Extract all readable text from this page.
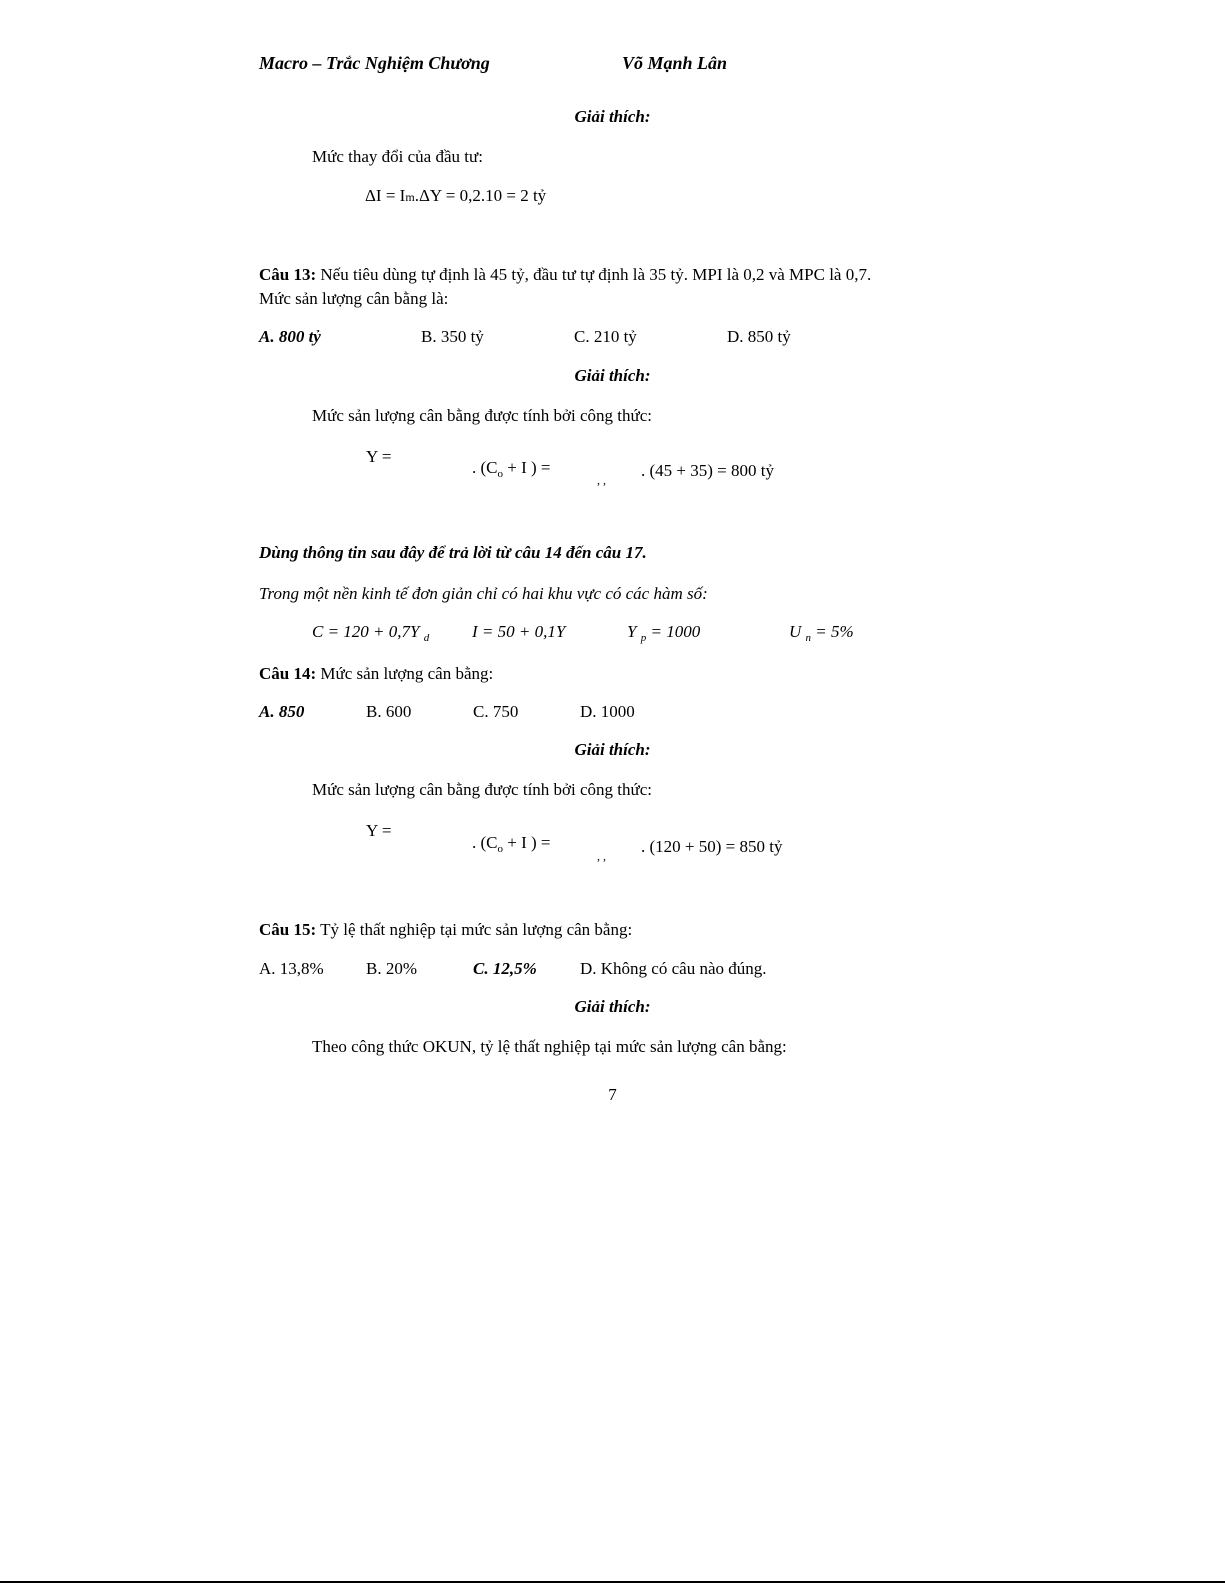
Macro – Trắc Nghiệm Chương	Võ Mạnh Lân
Giải thích:
Mức thay đổi của đầu tư:
ΔI = Im.ΔY = 0,2.10 = 2 tỷ
Câu 13: Nếu tiêu dùng tự định là 45 tỷ, đầu tư tự định là 35 tỷ. MPI là 0,2 và MPC là 0,7.
Mức sản lượng cân bằng là:
A. 800 tỷ	B. 350 tỷ	C. 210 tỷ	D. 850 tỷ
Giải thích:
Mức sản lượng cân bằng được tính bởi công thức:
Y =
. ($C_o + I$ ) =
, , . (45 + 35) = 800 tỷ
Dùng thông tin sau đây để trả lời từ câu 14 đến câu 17.
Trong một nền kinh tế đơn giản chỉ có hai khu vực có các hàm số:
C = 120 + 0,7Y $_d$	I = 50 + 0,1Y	Y $_p$ = 1000	U $_n$ = 5%
Câu 14: Mức sản lượng cân bằng:
A. 850	B. 600	C. 750	D. 1000
Giải thích:
Mức sản lượng cân bằng được tính bởi công thức:
Y =
. ($C_o + I$ ) =
, , . (120 + 50) = 850 tỷ
Câu 15: Tỷ lệ thất nghiệp tại mức sản lượng cân bằng:
A. 13,8% B. 20%	C. 12,5%	D. Không có câu nào đúng.
Giải thích:
Theo công thức OKUN, tỷ lệ thất nghiệp tại mức sản lượng cân bằng:
7
